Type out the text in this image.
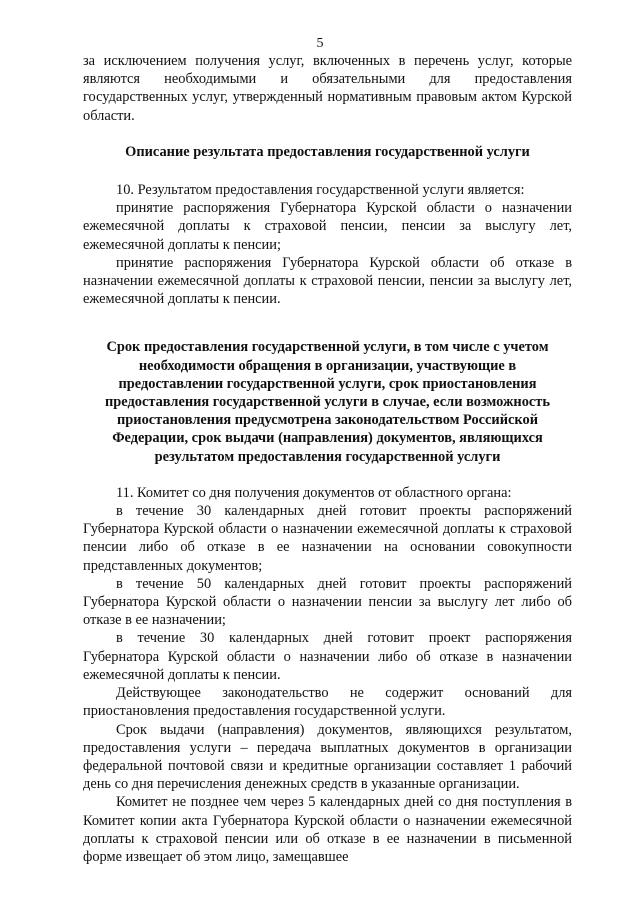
5

за исключением получения услуг, включенных в перечень услуг, которые являются необходимыми и обязательными для предоставления государственных услуг, утвержденный нормативным правовым актом Курской области.

Описание результата предоставления государственной услуги

10. Результатом предоставления государственной услуги является:

принятие распоряжения Губернатора Курской области о назначении ежемесячной доплаты к страховой пенсии, пенсии за выслугу лет, ежемесячной доплаты к пенсии;

принятие распоряжения Губернатора Курской области об отказе в назначении ежемесячной доплаты к страховой пенсии, пенсии за выслугу лет, ежемесячной доплаты к пенсии.

Срок предоставления государственной услуги, в том числе с учетом необходимости обращения в организации, участвующие в предоставлении государственной услуги, срок приостановления предоставления государственной услуги в случае, если возможность приостановления предусмотрена законодательством Российской Федерации, срок выдачи (направления) документов, являющихся результатом предоставления государственной услуги

11. Комитет со дня получения документов от областного органа:

в течение 30 календарных дней готовит проекты распоряжений Губернатора Курской области о назначении ежемесячной доплаты к страховой пенсии либо об отказе в ее назначении на основании совокупности представленных документов;

в течение 50 календарных дней готовит проекты распоряжений Губернатора Курской области о назначении пенсии за выслугу лет либо об отказе в ее назначении;

в течение 30 календарных дней готовит проект распоряжения Губернатора Курской области о назначении либо об отказе в назначении ежемесячной доплаты к пенсии.

Действующее законодательство не содержит оснований для приостановления предоставления государственной услуги.

Срок выдачи (направления) документов, являющихся результатом, предоставления услуги – передача выплатных документов в организации федеральной почтовой связи и кредитные организации составляет 1 рабочий день со дня перечисления денежных средств в указанные организации.

Комитет не позднее чем через 5 календарных дней со дня поступления в Комитет копии акта Губернатора Курской области о назначении ежемесячной доплаты к страховой пенсии или об отказе в ее назначении в письменной форме извещает об этом лицо, замещавшее
